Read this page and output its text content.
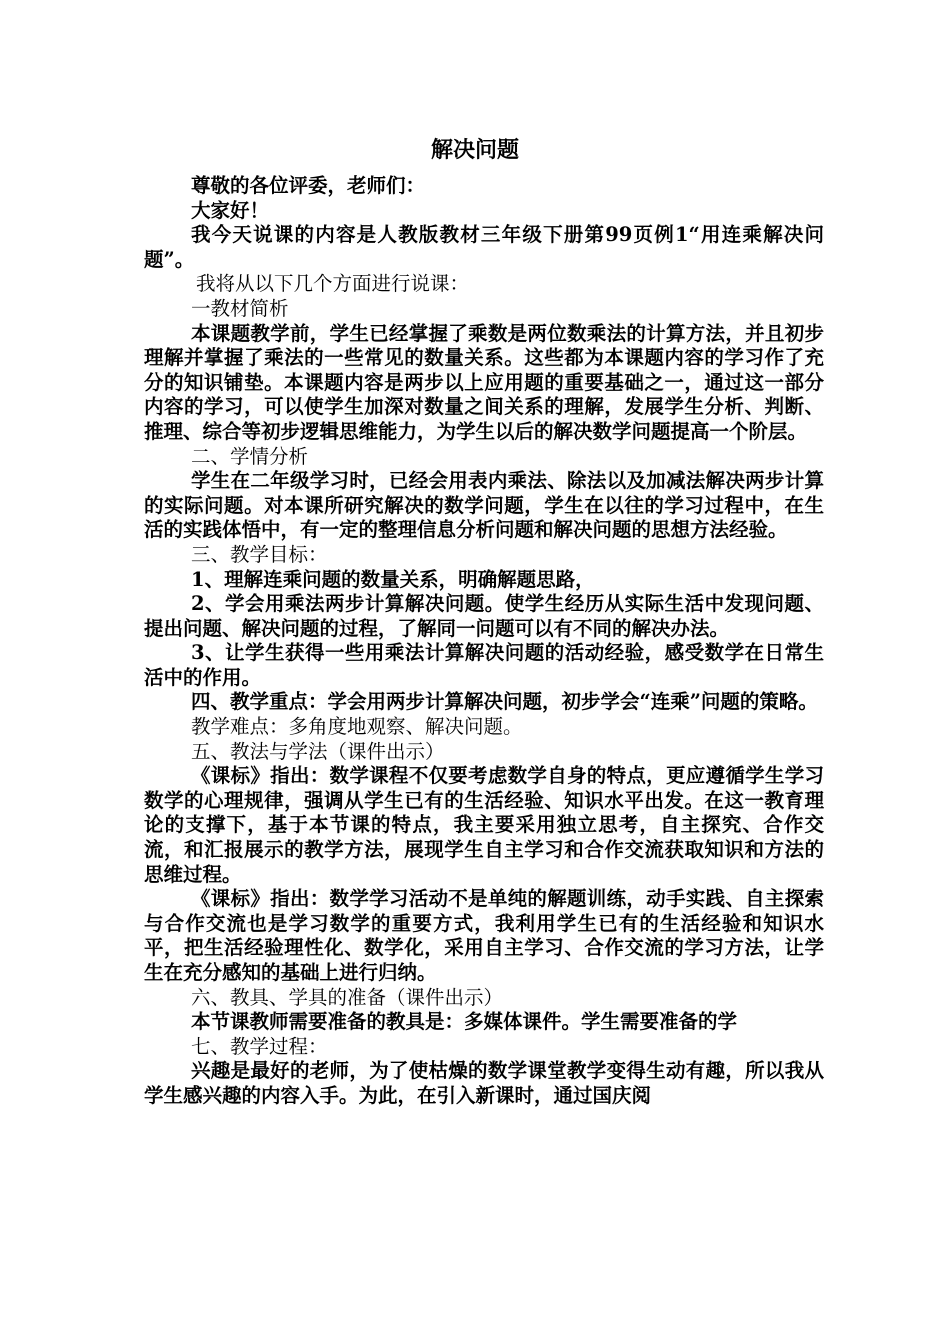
解决问题

尊敬的各位评委，老师们：

大家好！

我今天说课的内容是人教版教材三年级下册第99页例1“用连乘解决问题”。

我将从以下几个方面进行说课：

一教材简析

本课题教学前，学生已经掌握了乘数是两位数乘法的计算方法，并且初步理解并掌握了乘法的一些常见的数量关系。这些都为本课题内容的学习作了充分的知识铺垫。本课题内容是两步以上应用题的重要基础之一，通过这一部分内容的学习，可以使学生加深对数量之间关系的理解，发展学生分析、判断、推理、综合等初步逻辑思维能力，为学生以后的解决数学问题提高一个阶层。

二、学情分析

学生在二年级学习时，已经会用表内乘法、除法以及加减法解决两步计算的实际问题。对本课所研究解决的数学问题，学生在以往的学习过程中，在生活的实践体悟中，有一定的整理信息分析问题和解决问题的思想方法经验。

三、教学目标：

1、理解连乘问题的数量关系，明确解题思路，

2、学会用乘法两步计算解决问题。使学生经历从实际生活中发现问题、提出问题、解决问题的过程，了解同一问题可以有不同的解决办法。

3、让学生获得一些用乘法计算解决问题的活动经验，感受数学在日常生活中的作用。

四、教学重点：学会用两步计算解决问题，初步学会“连乘”问题的策略。

教学难点：多角度地观察、解决问题。

五、教法与学法（课件出示）

《课标》指出：数学课程不仅要考虑数学自身的特点，更应遵循学生学习数学的心理规律，强调从学生已有的生活经验、知识水平出发。在这一教育理论的支撑下，基于本节课的特点，我主要采用独立思考，自主探究、合作交流，和汇报展示的教学方法，展现学生自主学习和合作交流获取知识和方法的思维过程。

《课标》指出：数学学习活动不是单纯的解题训练，动手实践、自主探索与合作交流也是学习数学的重要方式，我利用学生已有的生活经验和知识水平，把生活经验理性化、数学化，采用自主学习、合作交流的学习方法，让学生在充分感知的基础上进行归纳。

六、教具、学具的准备（课件出示）

本节课教师需要准备的教具是：多媒体课件。学生需要准备的学

七、教学过程：

兴趣是最好的老师，为了使枯燥的数学课堂教学变得生动有趣，所以我从学生感兴趣的内容入手。为此，在引入新课时，通过国庆阅
